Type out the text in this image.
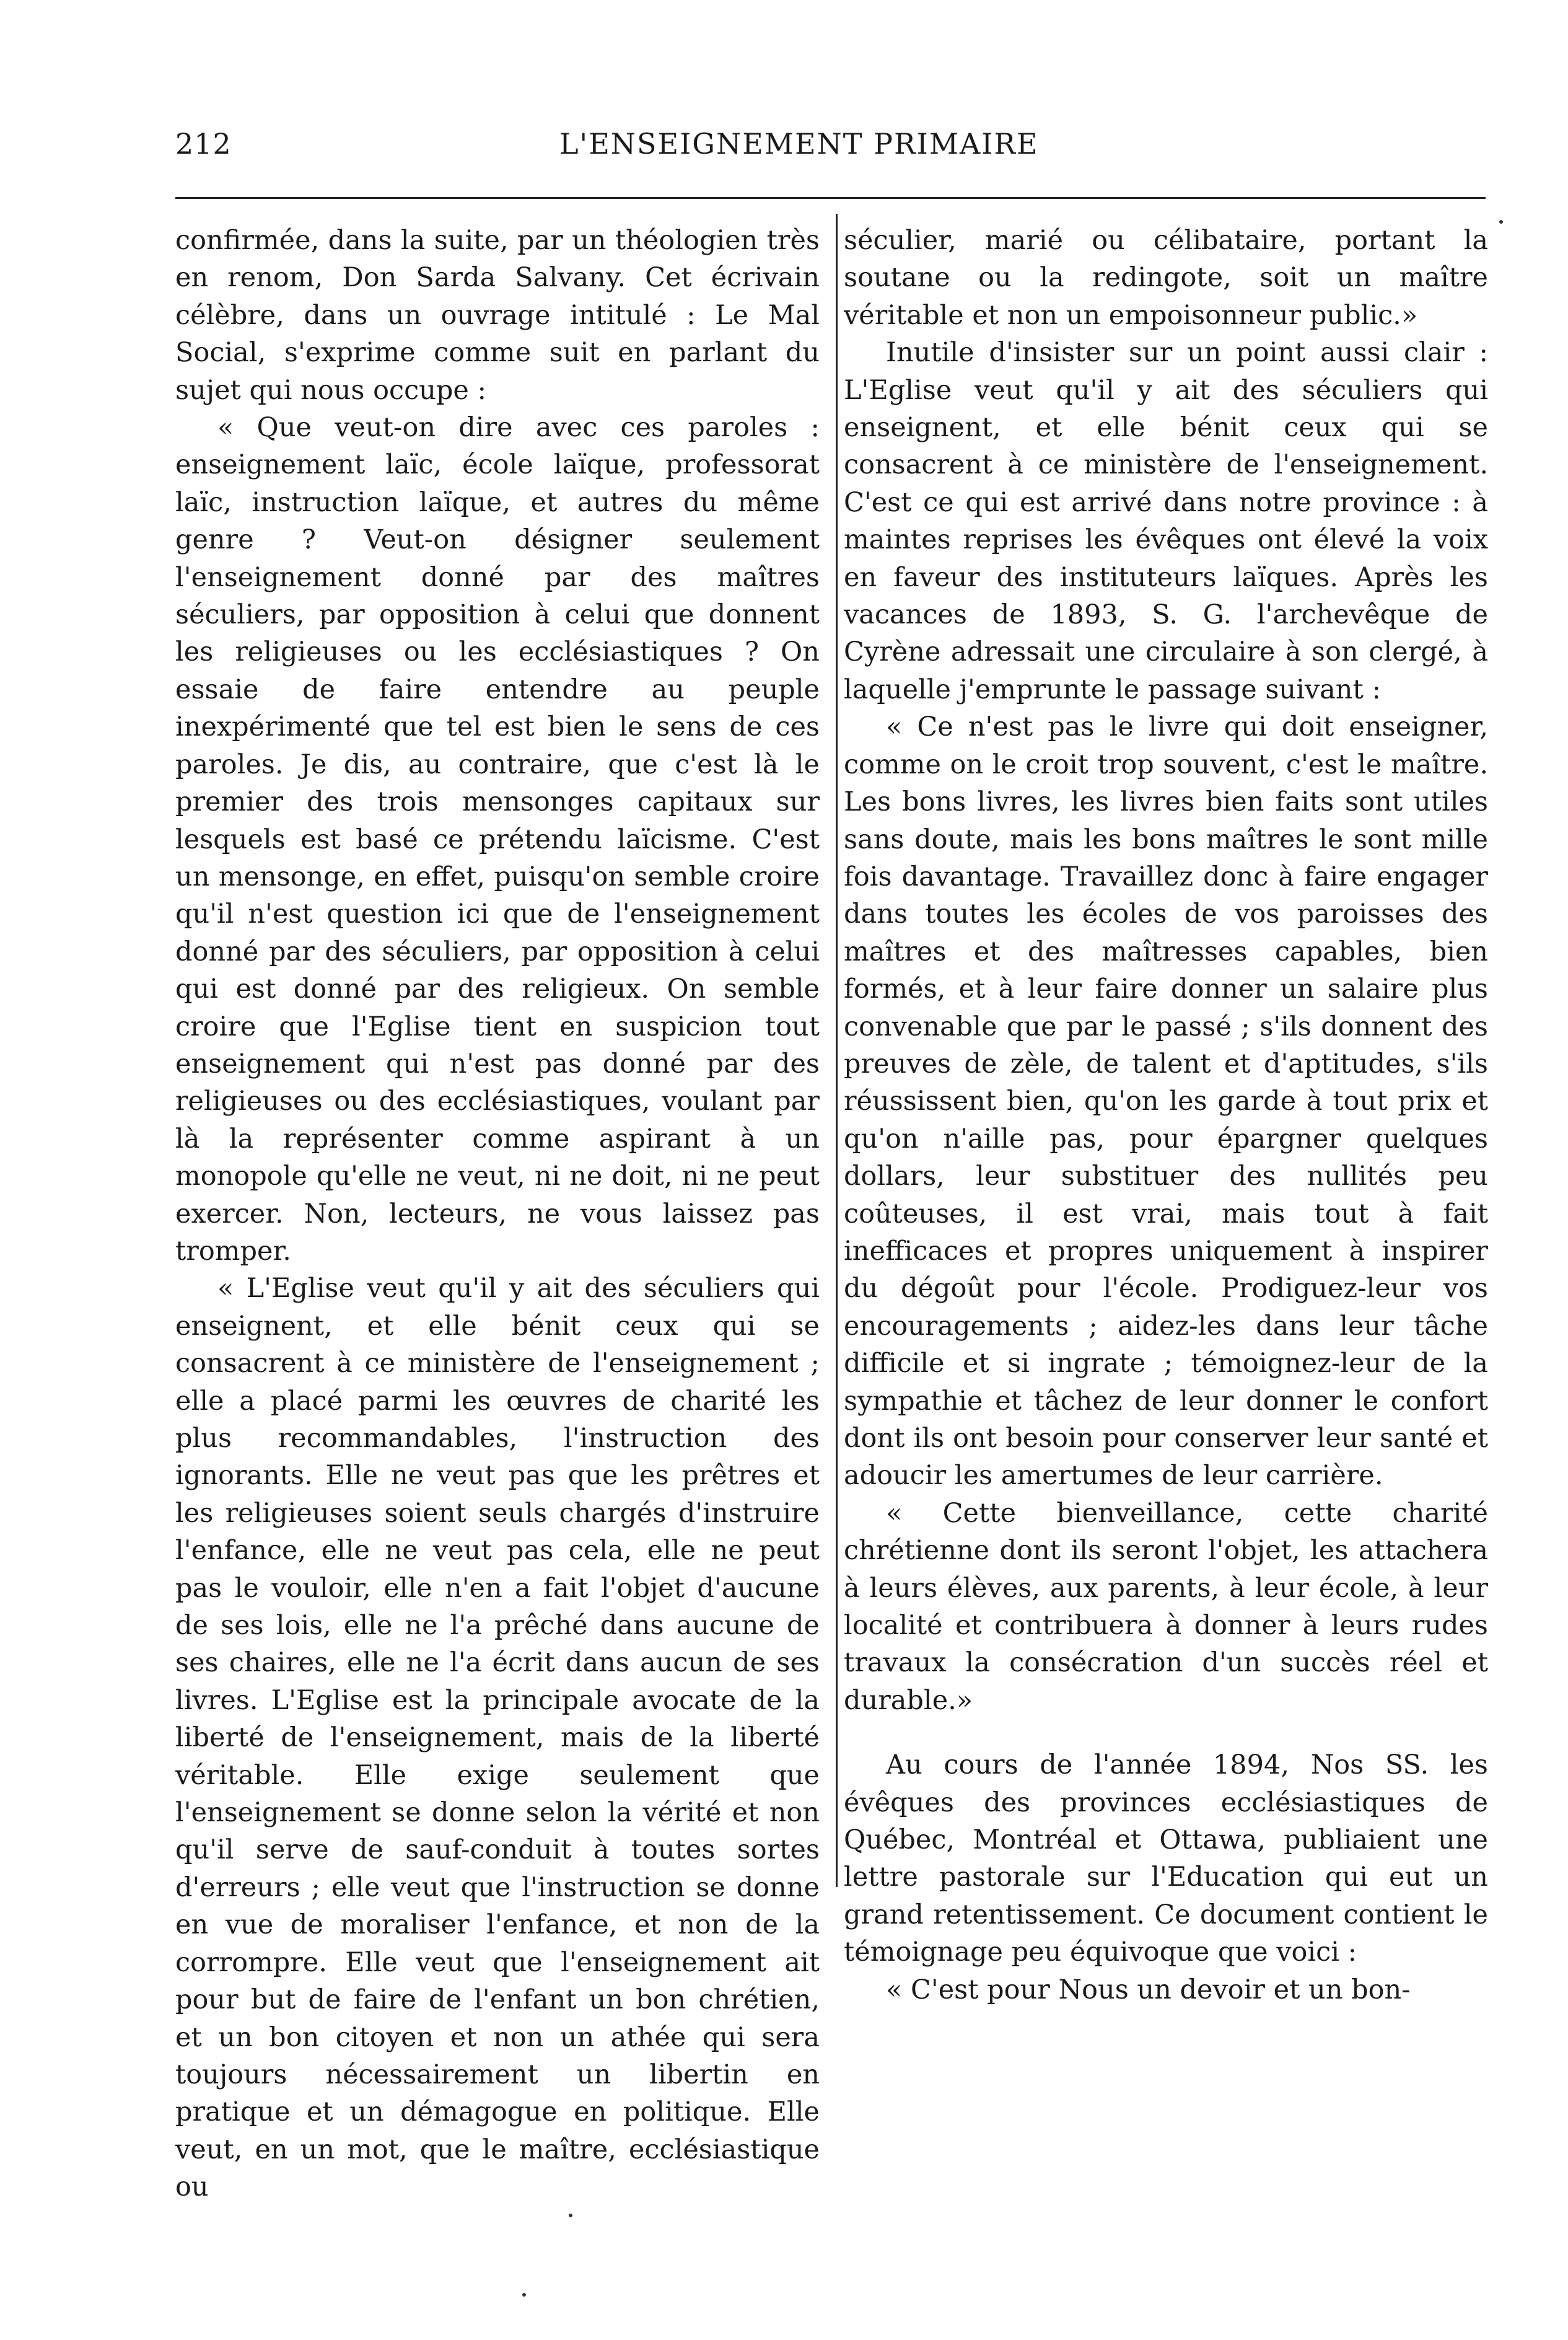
212	L'ENSEIGNEMENT PRIMAIRE

confirmée, dans la suite, par un théologien très en renom, Don Sarda Salvany. Cet écrivain célèbre, dans un ouvrage intitulé : Le Mal Social, s'exprime comme suit en parlant du sujet qui nous occupe :

« Que veut-on dire avec ces paroles : enseignement laïc, école laïque, professorat laïc, instruction laïque, et autres du même genre ? Veut-on désigner seulement l'enseignement donné par des maîtres séculiers, par opposition à celui que donnent les religieuses ou les ecclésiastiques ? On essaie de faire entendre au peuple inexpérimenté que tel est bien le sens de ces paroles. Je dis, au contraire, que c'est là le premier des trois mensonges capitaux sur lesquels est basé ce prétendu laïcisme. C'est un mensonge, en effet, puisqu'on semble croire qu'il n'est question ici que de l'enseignement donné par des séculiers, par opposition à celui qui est donné par des religieux. On semble croire que l'Eglise tient en suspicion tout enseignement qui n'est pas donné par des religieuses ou des ecclésiastiques, voulant par là la représenter comme aspirant à un monopole qu'elle ne veut, ni ne doit, ni ne peut exercer. Non, lecteurs, ne vous laissez pas tromper.

« L'Eglise veut qu'il y ait des séculiers qui enseignent, et elle bénit ceux qui se consacrent à ce ministère de l'enseignement ; elle a placé parmi les œuvres de charité les plus recommandables, l'instruction des ignorants. Elle ne veut pas que les prêtres et les religieuses soient seuls chargés d'instruire l'enfance, elle ne veut pas cela, elle ne peut pas le vouloir, elle n'en a fait l'objet d'aucune de ses lois, elle ne l'a prêché dans aucune de ses chaires, elle ne l'a écrit dans aucun de ses livres. L'Eglise est la principale avocate de la liberté de l'enseignement, mais de la liberté véritable. Elle exige seulement que l'enseignement se donne selon la vérité et non qu'il serve de sauf-conduit à toutes sortes d'erreurs ; elle veut que l'instruction se donne en vue de moraliser l'enfance, et non de la corrompre. Elle veut que l'enseignement ait pour but de faire de l'enfant un bon chrétien, et un bon citoyen et non un athée qui sera toujours nécessairement un libertin en pratique et un démagogue en politique. Elle veut, en un mot, que le maître, ecclésiastique ou

séculier, marié ou célibataire, portant la soutane ou la redingote, soit un maître véritable et non un empoisonneur public.»

Inutile d'insister sur un point aussi clair : L'Eglise veut qu'il y ait des séculiers qui enseignent, et elle bénit ceux qui se consacrent à ce ministère de l'enseignement. C'est ce qui est arrivé dans notre province : à maintes reprises les évêques ont élevé la voix en faveur des instituteurs laïques. Après les vacances de 1893, S. G. l'archevêque de Cyrène adressait une circulaire à son clergé, à laquelle j'emprunte le passage suivant :

« Ce n'est pas le livre qui doit enseigner, comme on le croit trop souvent, c'est le maître. Les bons livres, les livres bien faits sont utiles sans doute, mais les bons maîtres le sont mille fois davantage. Travaillez donc à faire engager dans toutes les écoles de vos paroisses des maîtres et des maîtresses capables, bien formés, et à leur faire donner un salaire plus convenable que par le passé ; s'ils donnent des preuves de zèle, de talent et d'aptitudes, s'ils réussissent bien, qu'on les garde à tout prix et qu'on n'aille pas, pour épargner quelques dollars, leur substituer des nullités peu coûteuses, il est vrai, mais tout à fait inefficaces et propres uniquement à inspirer du dégoût pour l'école. Prodiguez-leur vos encouragements ; aidez-les dans leur tâche difficile et si ingrate ; témoignez-leur de la sympathie et tâchez de leur donner le confort dont ils ont besoin pour conserver leur santé et adoucir les amertumes de leur carrière.

« Cette bienveillance, cette charité chrétienne dont ils seront l'objet, les attachera à leurs élèves, aux parents, à leur école, à leur localité et contribuera à donner à leurs rudes travaux la consécration d'un succès réel et durable.»

Au cours de l'année 1894, Nos SS. les évêques des provinces ecclésiastiques de Québec, Montréal et Ottawa, publiaient une lettre pastorale sur l'Education qui eut un grand retentissement. Ce document contient le témoignage peu équivoque que voici :

« C'est pour Nous un devoir et un bon-
